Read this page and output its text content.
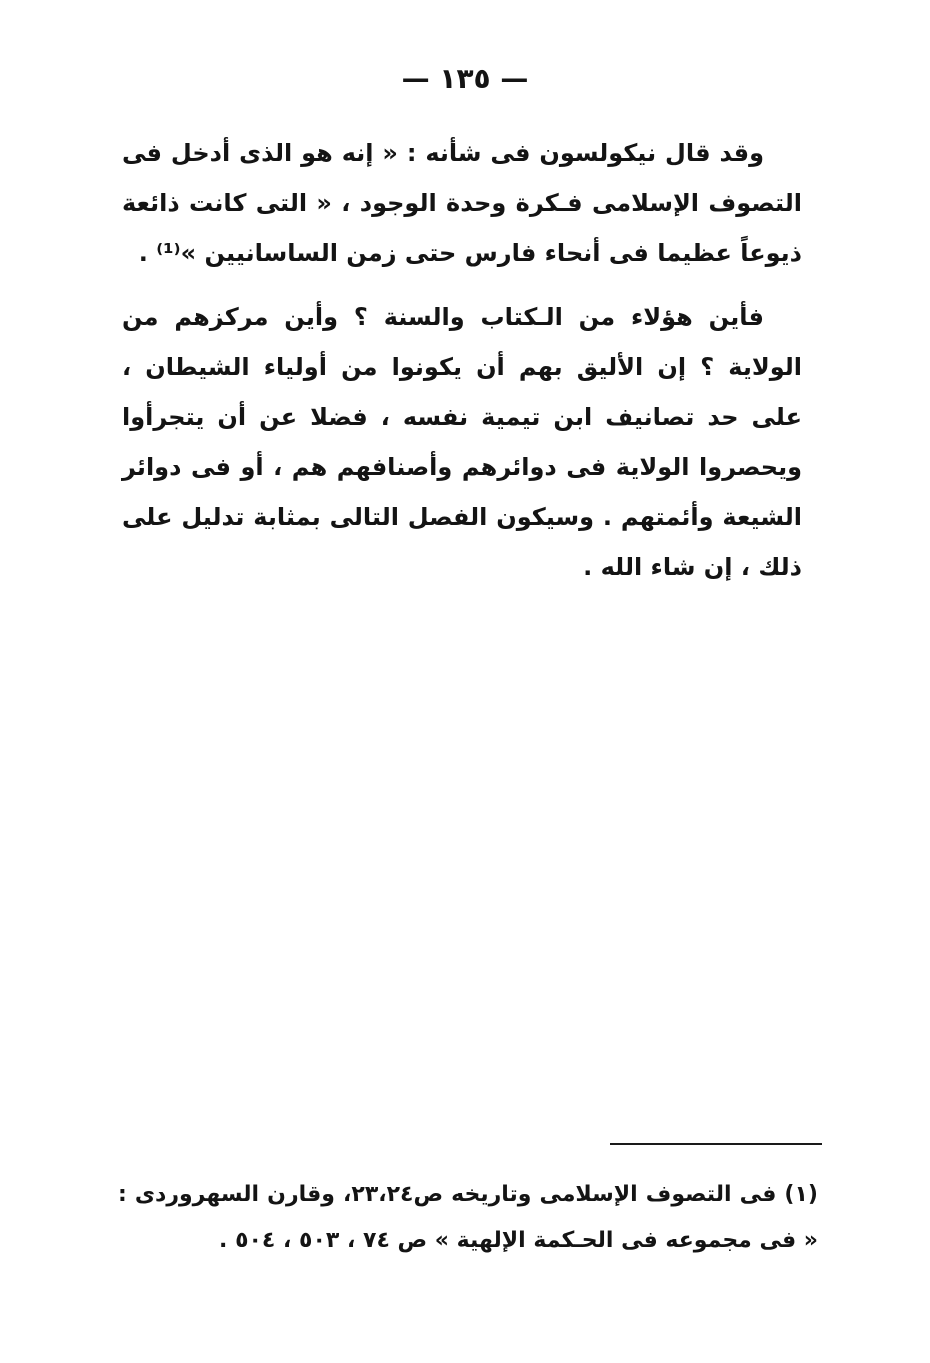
— ١٣٥ —

وقد قال نيكولسون فى شأنه : « إنه هو الذى أدخل فى التصوف الإسلامى فـكرة وحدة الوجود ، « التى كانت ذائعة ذيوعاً عظيما فى أنحاء فارس حتى زمن الساسانيين »⁽¹⁾ .

فأين هؤلاء من الـكتاب والسنة ؟ وأين مركزهم من الولاية ؟ إن الأليق بهم أن يكونوا من أولياء الشيطان ، على حد تصانيف ابن تيمية نفسه ، فضلا عن أن يتجرأوا ويحصروا الولاية فى دوائرهم وأصنافهم هم ، أو فى دوائر الشيعة وأئمتهم . وسيكون الفصل التالى بمثابة تدليل على ذلك ، إن شاء الله .

(١) فى التصوف الإسلامى وتاريخه ص٢٣،٢٤، وقارن السهروردى : « فى مجموعه فى الحـكمة الإلهية » ص ٧٤ ، ٥٠٣ ، ٥٠٤ .
